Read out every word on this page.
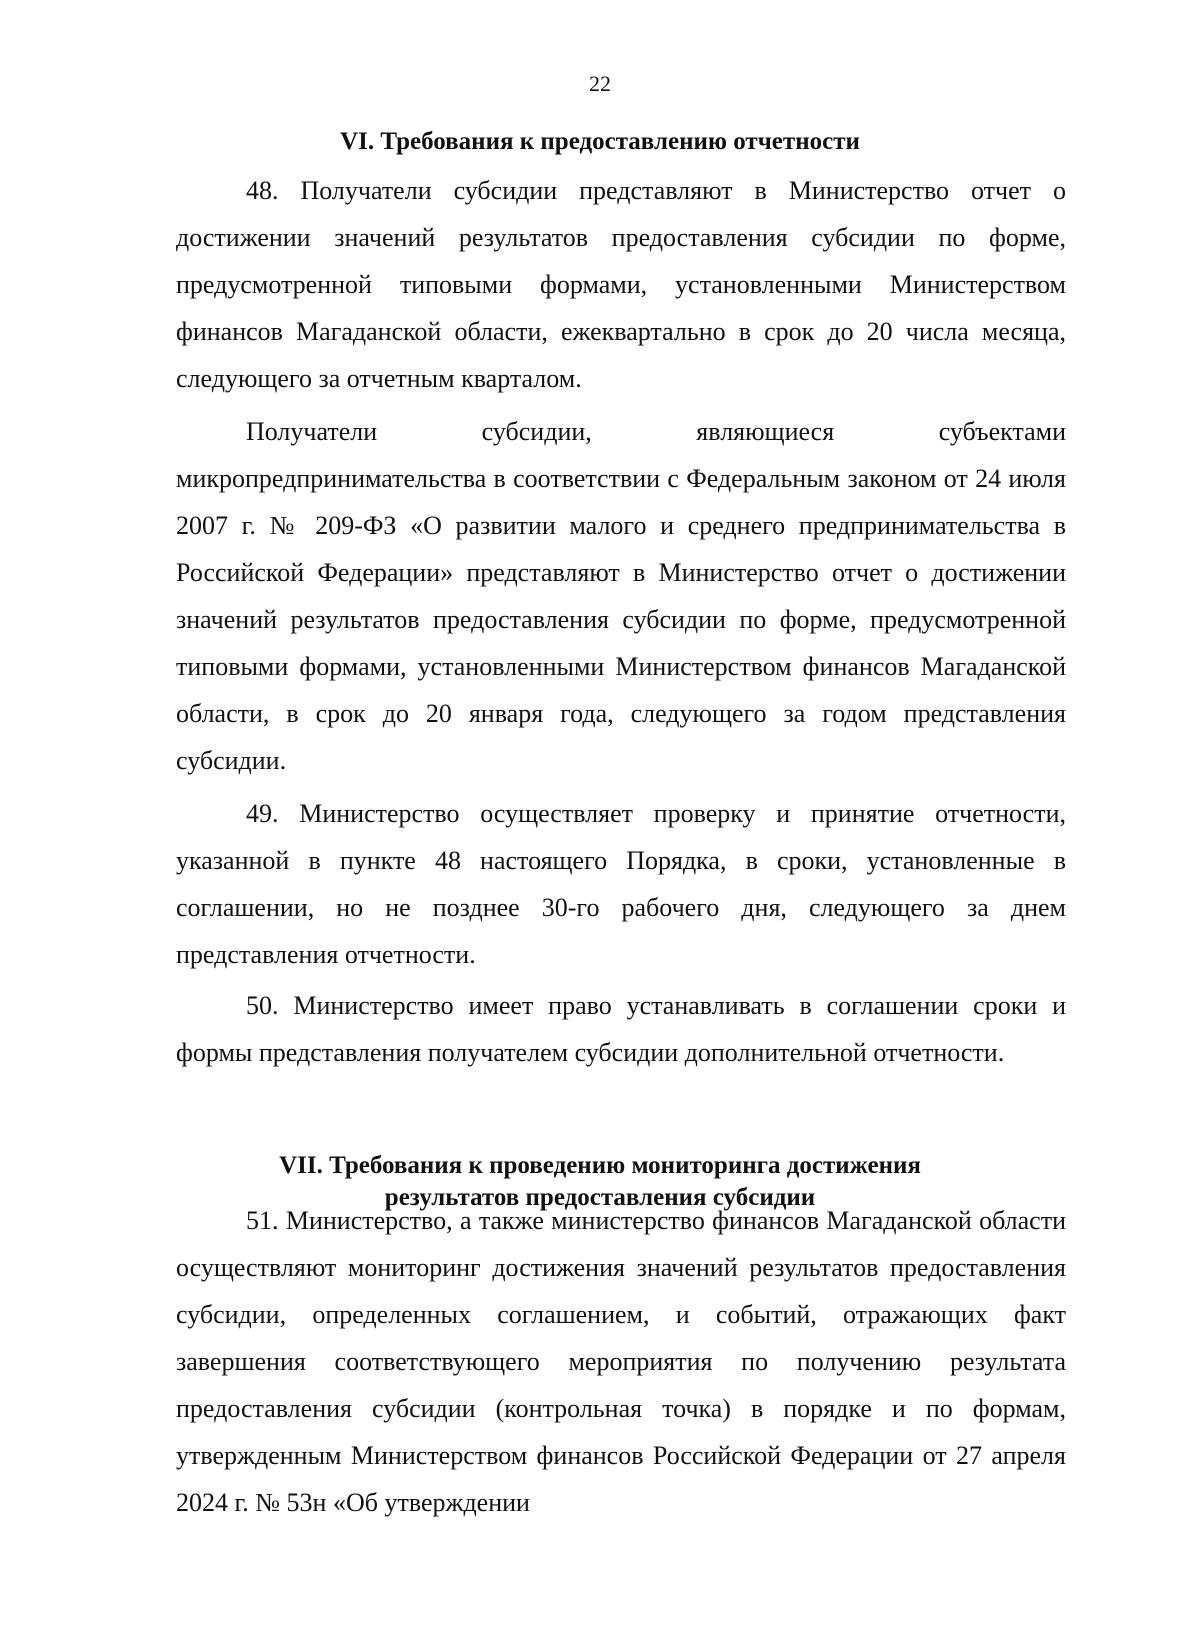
22
VI. Требования к предоставлению отчетности

48. Получатели субсидии представляют в Министерство отчет о достижении значений результатов предоставления субсидии по форме, предусмотренной типовыми формами, установленными Министерством финансов Магаданской области, ежеквартально в срок до 20 числа месяца, следующего за отчетным кварталом.

Получатели субсидии, являющиеся субъектами микропредпринимательства в соответствии с Федеральным законом от 24 июля 2007 г. № 209-ФЗ «О развитии малого и среднего предпринимательства в Российской Федерации» представляют в Министерство отчет о достижении значений результатов предоставления субсидии по форме, предусмотренной типовыми формами, установленными Министерством финансов Магаданской области, в срок до 20 января года, следующего за годом представления субсидии.

49. Министерство осуществляет проверку и принятие отчетности, указанной в пункте 48 настоящего Порядка, в сроки, установленные в соглашении, но не позднее 30-го рабочего дня, следующего за днем представления отчетности.

50. Министерство имеет право устанавливать в соглашении сроки и формы представления получателем субсидии дополнительной отчетности.

VII. Требования к проведению мониторинга достижения
результатов предоставления субсидии

51. Министерство, а также министерство финансов Магаданской области осуществляют мониторинг достижения значений результатов предоставления субсидии, определенных соглашением, и событий, отражающих факт завершения соответствующего мероприятия по получению результата предоставления субсидии (контрольная точка) в порядке и по формам, утвержденным Министерством финансов Российской Федерации от 27 апреля 2024 г. № 53н «Об утверждении
